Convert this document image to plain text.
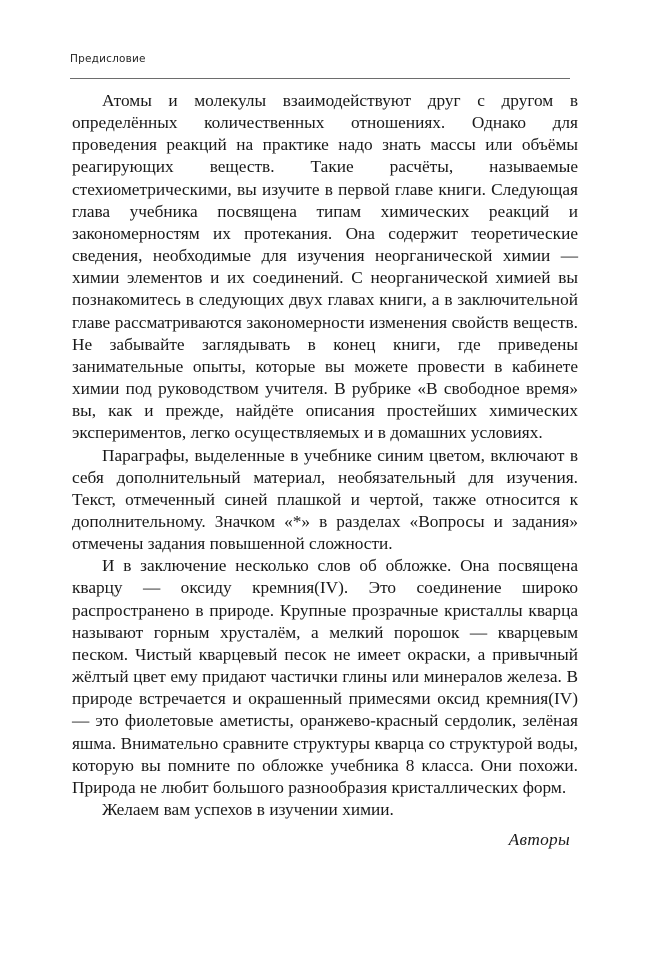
Предисловие

Атомы и молекулы взаимодействуют друг с другом в определённых количественных отношениях. Однако для проведения реакций на практике надо знать массы или объёмы реагирующих веществ. Такие расчёты, называемые стехиометрическими, вы изучите в первой главе книги. Следующая глава учебника посвящена типам химических реакций и закономерностям их протекания. Она содержит теоретические сведения, необходимые для изучения неорганической химии — химии элементов и их соединений. С неорганической химией вы познакомитесь в следующих двух главах книги, а в заключительной главе рассматриваются закономерности изменения свойств веществ. Не забывайте заглядывать в конец книги, где приведены занимательные опыты, которые вы можете провести в кабинете химии под руководством учителя. В рубрике «В свободное время» вы, как и прежде, найдёте описания простейших химических экспериментов, легко осуществляемых и в домашних условиях.

Параграфы, выделенные в учебнике синим цветом, включают в себя дополнительный материал, необязательный для изучения. Текст, отмеченный синей плашкой и чертой, также относится к дополнительному. Значком «*» в разделах «Вопросы и задания» отмечены задания повышенной сложности.

И в заключение несколько слов об обложке. Она посвящена кварцу — оксиду кремния(IV). Это соединение широко распространено в природе. Крупные прозрачные кристаллы кварца называют горным хрусталём, а мелкий порошок — кварцевым песком. Чистый кварцевый песок не имеет окраски, а привычный жёлтый цвет ему придают частички глины или минералов железа. В природе встречается и окрашенный примесями оксид кремния(IV) — это фиолетовые аметисты, оранжево-красный сердолик, зелёная яшма. Внимательно сравните структуры кварца со структурой воды, которую вы помните по обложке учебника 8 класса. Они похожи. Природа не любит большого разнообразия кристаллических форм.

Желаем вам успехов в изучении химии.

Авторы
